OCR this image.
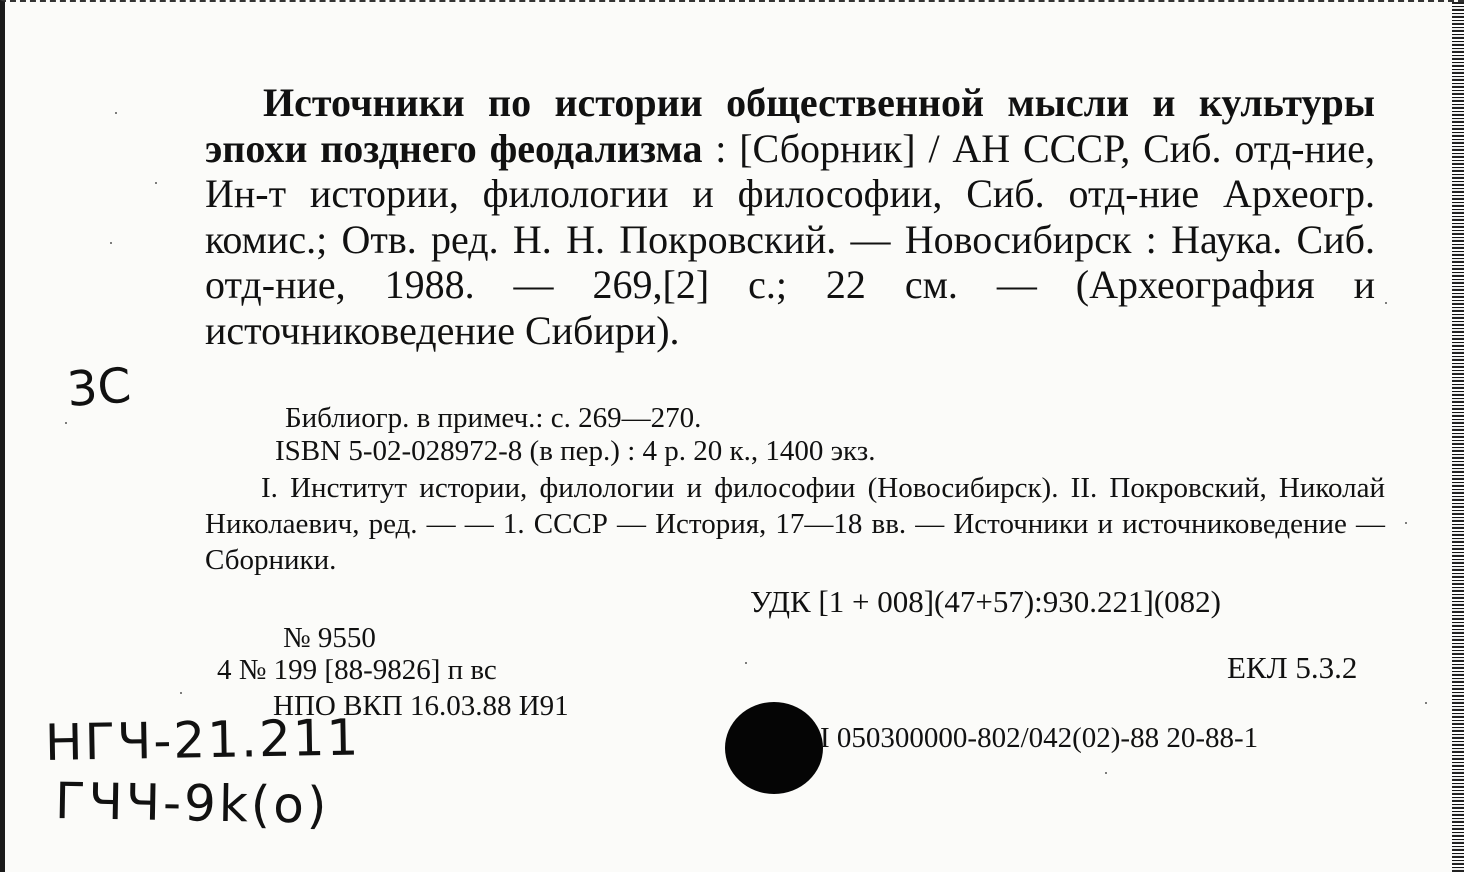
Источники по истории общественной мысли и культуры эпохи позднего феодализма : [Сборник] / АН СССР, Сиб. отд-ние, Ин-т истории, филологии и философии, Сиб. отд-ние Археогр. комис.; Отв. ред. Н. Н. Покровский. — Новосибирск : Наука. Сиб. отд-ние, 1988. — 269,[2] с.; 22 см. — (Археография и источниковедение Сибири).
Библиогр. в примеч.: с. 269—270.
ISBN 5-02-028972-8 (в пер.) : 4 р. 20 к., 1400 экз.
I. Институт истории, филологии и философии (Новосибирск). II. Покровский, Николай Николаевич, ред. — — 1. СССР — История, 17—18 вв. — Источники и источниковедение — Сборники.
УДК [1 + 008](47+57):930.221](082)
№ 9550
4 № 199 [88-9826] п вс	ЕКЛ 5.3.2
НПО ВКП 16.03.88 И91
I 050300000-802/042(02)-88 20-88-1
3С
НГЧ-21.211
ГЧЧ-9k(o)
